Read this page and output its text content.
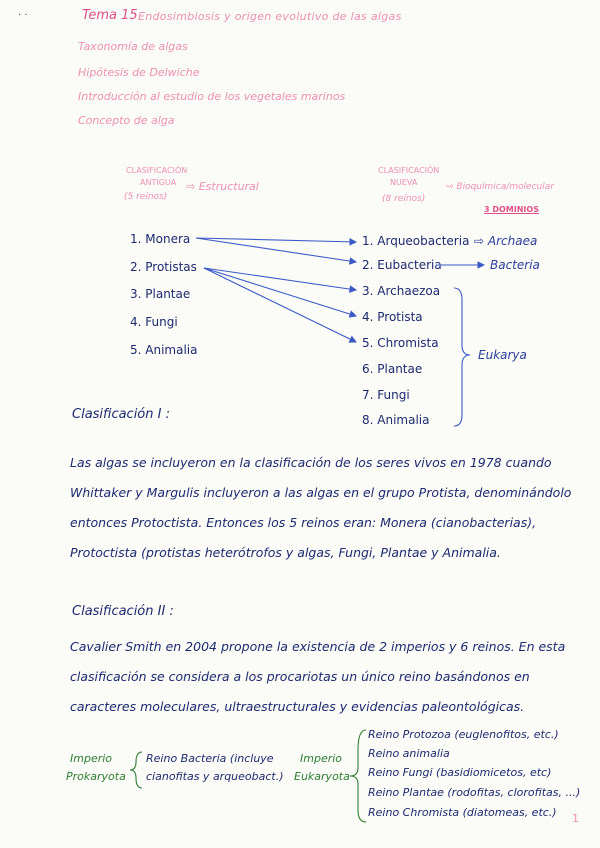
· ·	Tema 15 Endosimbiosis y origen evolutivo de las algas
Taxonomía de algas
Hipótesis de Delwiche
Introducción al estudio de los vegetales marinos
Concepto de alga
CLASIFICACIÓN
ANTIGUA
(5 reinos)
⇨ Estructural
CLASIFICACIÓN
NUEVA
(8 reinos)
⇨ Bioquímica/molecular
3 DOMINIOS
1. Monera
2. Protistas
3. Plantae
4. Fungi
5. Animalia
1. Arqueobacteria
2. Eubacteria
3. Archaezoa
4. Protista
5. Chromista
6. Plantae
7. Fungi
8. Animalia
⇨ Archaea
Bacteria
Eukarya
Clasificación I :
Las algas se incluyeron en la clasificación de los seres vivos en 1978 cuando Whittaker y Margulis incluyeron a las algas en el grupo Protista, denominándolo entonces Protoctista. Entonces los 5 reinos eran: Monera (cianobacterias), Protoctista (protistas heterótrofos y algas, Fungi, Plantae y Animalia.
Clasificación II :
Cavalier Smith en 2004 propone la existencia de 2 imperios y 6 reinos. En esta clasificación se considera a los procariotas un único reino basándonos en caracteres moleculares, ultraestructurales y evidencias paleontológicas.
Imperio
Prokaryota
Reino Bacteria (incluye
cianofitas y arqueobact.)
Imperio
Eukaryota
Reino Protozoa (euglenofitos, etc.)
Reino animalia
Reino Fungi (basidiomicetos, etc)
Reino Plantae (rodofitas, clorofitas, ...)
Reino Chromista (diatomeas, etc.) 1
